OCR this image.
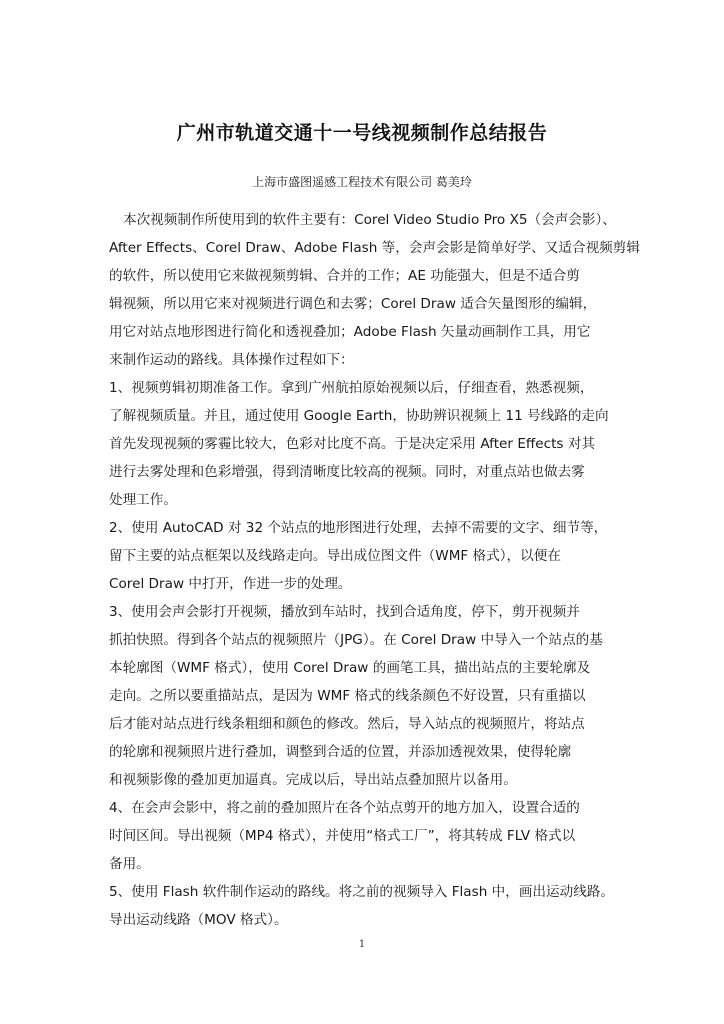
广州市轨道交通十一号线视频制作总结报告
上海市盛图遥感工程技术有限公司 葛美玲
本次视频制作所使用到的软件主要有：Corel Video Studio Pro X5（会声会影）、
After Effects、Corel Draw、Adobe Flash 等，会声会影是简单好学、又适合视频剪辑
的软件，所以使用它来做视频剪辑、合并的工作；AE 功能强大，但是不适合剪
辑视频，所以用它来对视频进行调色和去雾；Corel Draw 适合矢量图形的编辑，
用它对站点地形图进行简化和透视叠加；Adobe Flash 矢量动画制作工具，用它
来制作运动的路线。具体操作过程如下：
1、视频剪辑初期准备工作。拿到广州航拍原始视频以后，仔细查看，熟悉视频，
了解视频质量。并且，通过使用 Google Earth，协助辨识视频上 11 号线路的走向
首先发现视频的雾霾比较大，色彩对比度不高。于是决定采用 After Effects 对其
进行去雾处理和色彩增强，得到清晰度比较高的视频。同时，对重点站也做去雾
处理工作。
2、使用 AutoCAD 对 32 个站点的地形图进行处理，去掉不需要的文字、细节等，
留下主要的站点框架以及线路走向。导出成位图文件（WMF 格式），以便在
Corel Draw 中打开，作进一步的处理。
3、使用会声会影打开视频，播放到车站时，找到合适角度，停下，剪开视频并
抓拍快照。得到各个站点的视频照片（JPG）。在 Corel Draw 中导入一个站点的基
本轮廓图（WMF 格式），使用 Corel Draw 的画笔工具，描出站点的主要轮廓及
走向。之所以要重描站点，是因为 WMF 格式的线条颜色不好设置，只有重描以
后才能对站点进行线条粗细和颜色的修改。然后，导入站点的视频照片，将站点
的轮廓和视频照片进行叠加，调整到合适的位置，并添加透视效果，使得轮廓
和视频影像的叠加更加逼真。完成以后，导出站点叠加照片以备用。
4、在会声会影中，将之前的叠加照片在各个站点剪开的地方加入，设置合适的
时间区间。导出视频（MP4 格式），并使用“格式工厂”，将其转成 FLV 格式以
备用。
5、使用 Flash 软件制作运动的路线。将之前的视频导入 Flash 中，画出运动线路。
导出运动线路（MOV 格式）。
1
